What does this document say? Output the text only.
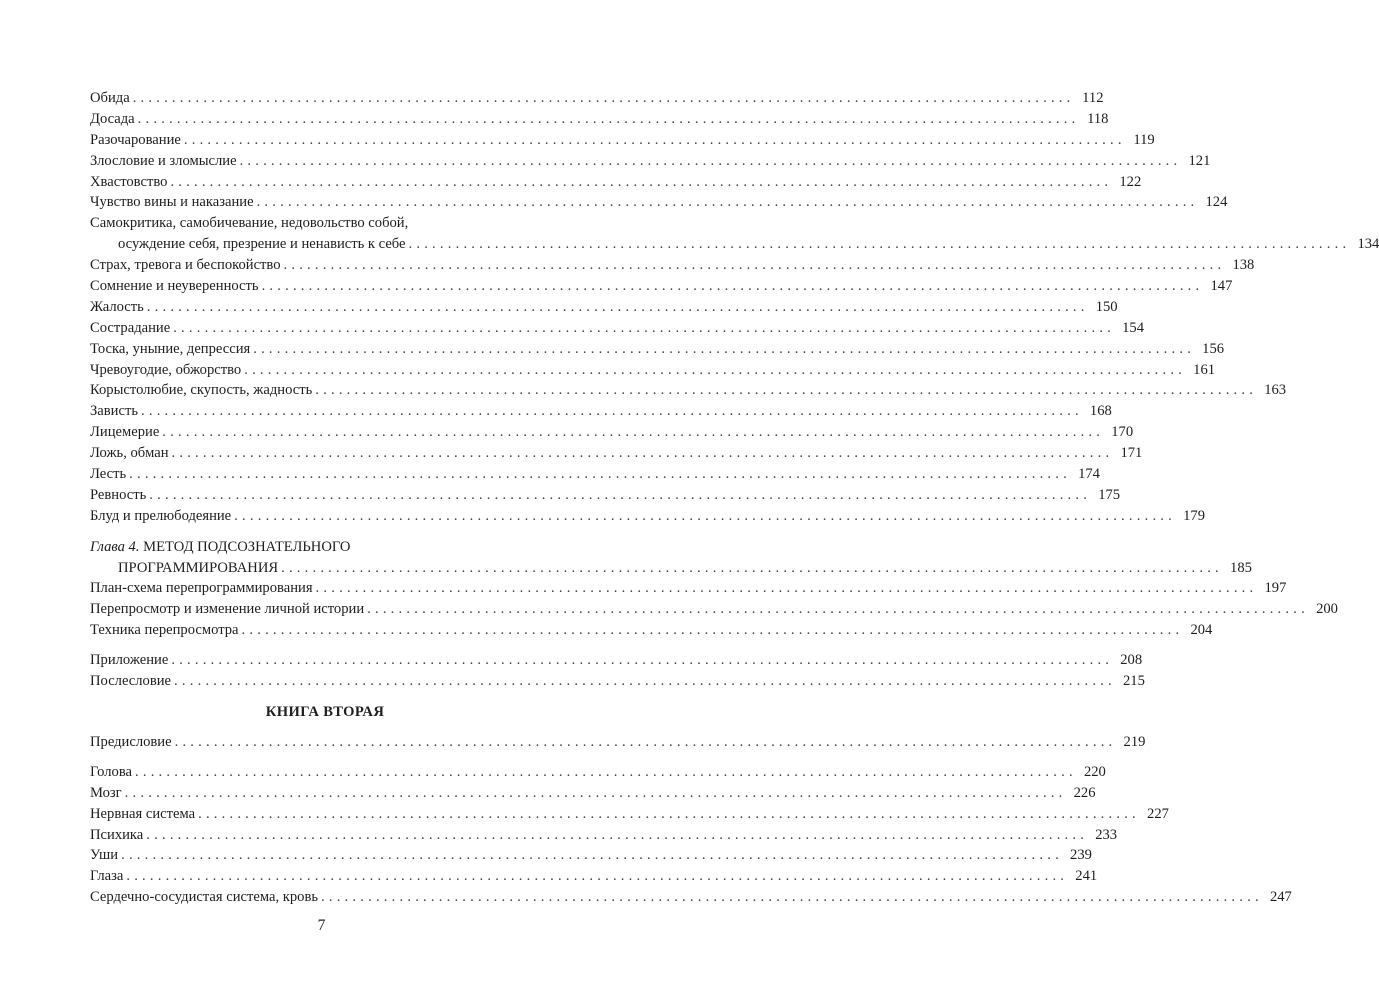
Обида ........................................................................................................................ 112
Досада ........................................................................................................................ 118
Разочарование ........................................................................................................................ 119
Злословие и зломыслие ........................................................................................................................ 121
Хвастовство ........................................................................................................................ 122
Чувство вины и наказание ........................................................................................................................ 124
Самокритика, самобичевание, недовольство собой,
осуждение себя, презрение и ненависть к себе ........................................................................................................................ 134
Страх, тревога и беспокойство ........................................................................................................................ 138
Сомнение и неуверенность ........................................................................................................................ 147
Жалость ........................................................................................................................ 150
Сострадание ........................................................................................................................ 154
Тоска, уныние, депрессия ........................................................................................................................ 156
Чревоугодие, обжорство ........................................................................................................................ 161
Корыстолюбие, скупость, жадность ........................................................................................................................ 163
Зависть ........................................................................................................................ 168
Лицемерие ........................................................................................................................ 170
Ложь, обман ........................................................................................................................ 171
Лесть ........................................................................................................................ 174
Ревность ........................................................................................................................ 175
Блуд и прелюбодеяние ........................................................................................................................ 179
Глава 4. МЕТОД ПОДСОЗНАТЕЛЬНОГО
ПРОГРАММИРОВАНИЯ ........................................................................................................................ 185
План-схема перепрограммирования ........................................................................................................................ 197
Перепросмотр и изменение личной истории ........................................................................................................................ 200
Техника перепросмотра ........................................................................................................................ 204
Приложение ........................................................................................................................ 208
Послесловие ........................................................................................................................ 215
КНИГА ВТОРАЯ
Предисловие ........................................................................................................................ 219
Голова ........................................................................................................................ 220
Мозг ........................................................................................................................ 226
Нервная система ........................................................................................................................ 227
Психика ........................................................................................................................ 233
Уши ........................................................................................................................ 239
Глаза ........................................................................................................................ 241
Сердечно-сосудистая система, кровь ........................................................................................................................ 247
7
